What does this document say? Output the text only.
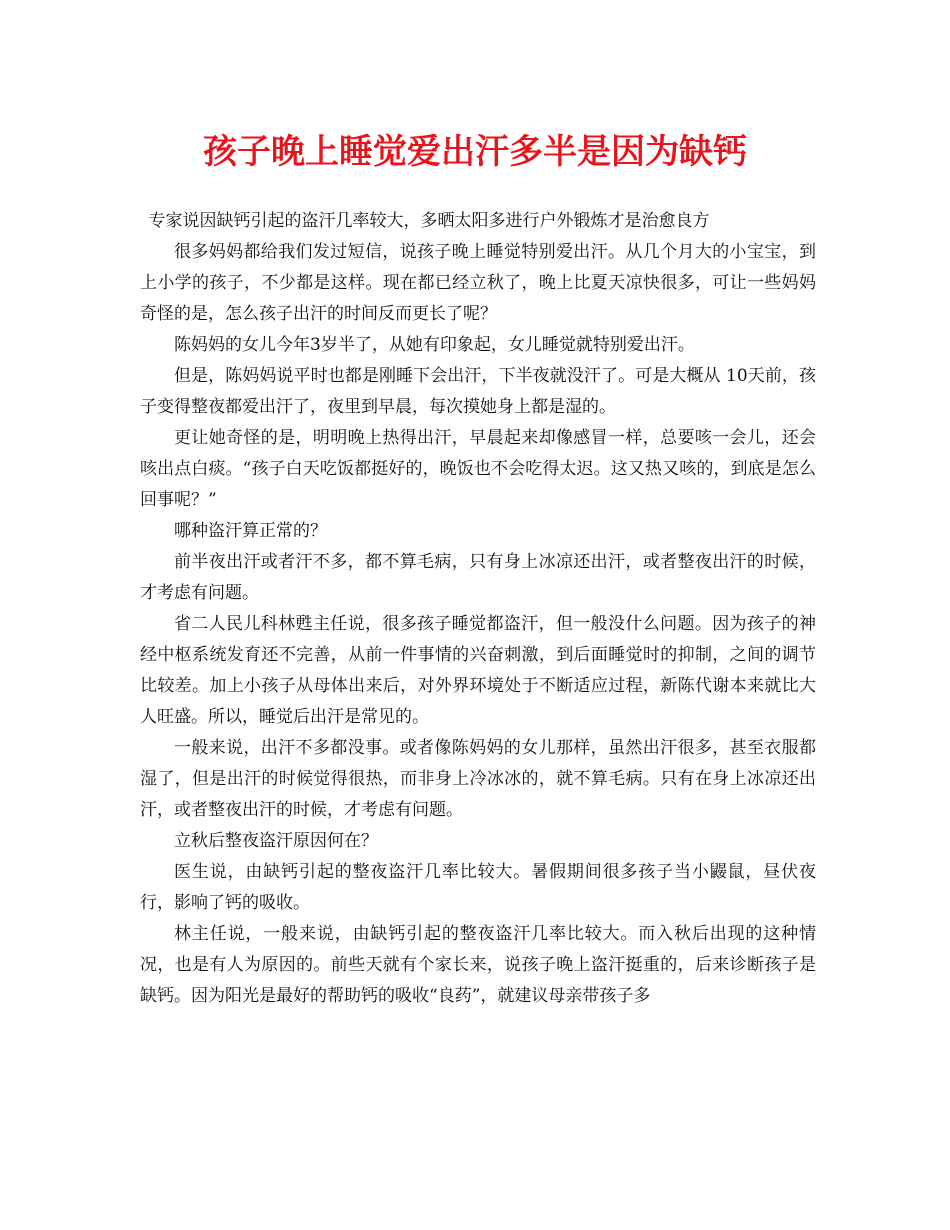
孩子晚上睡觉爱出汗多半是因为缺钙

专家说因缺钙引起的盗汗几率较大，多晒太阳多进行户外锻炼才是治愈良方

很多妈妈都给我们发过短信，说孩子晚上睡觉特别爱出汗。从几个月大的小宝宝，到上小学的孩子，不少都是这样。现在都已经立秋了，晚上比夏天凉快很多，可让一些妈妈奇怪的是，怎么孩子出汗的时间反而更长了呢？

陈妈妈的女儿今年3岁半了，从她有印象起，女儿睡觉就特别爱出汗。

但是，陈妈妈说平时也都是刚睡下会出汗，下半夜就没汗了。可是大概从 10天前，孩子变得整夜都爱出汗了，夜里到早晨，每次摸她身上都是湿的。

更让她奇怪的是，明明晚上热得出汗，早晨起来却像感冒一样，总要咳一会儿，还会咳出点白痰。“孩子白天吃饭都挺好的，晚饭也不会吃得太迟。这又热又咳的，到底是怎么回事呢？”

哪种盗汗算正常的？

前半夜出汗或者汗不多，都不算毛病，只有身上冰凉还出汗，或者整夜出汗的时候，才考虑有问题。

省二人民儿科林甦主任说，很多孩子睡觉都盗汗，但一般没什么问题。因为孩子的神经中枢系统发育还不完善，从前一件事情的兴奋刺激，到后面睡觉时的抑制，之间的调节比较差。加上小孩子从母体出来后，对外界环境处于不断适应过程，新陈代谢本来就比大人旺盛。所以，睡觉后出汗是常见的。

一般来说，出汗不多都没事。或者像陈妈妈的女儿那样，虽然出汗很多，甚至衣服都湿了，但是出汗的时候觉得很热，而非身上冷冰冰的，就不算毛病。只有在身上冰凉还出汗，或者整夜出汗的时候，才考虑有问题。

立秋后整夜盗汗原因何在？

医生说，由缺钙引起的整夜盗汗几率比较大。暑假期间很多孩子当小鼹鼠，昼伏夜行，影响了钙的吸收。

林主任说，一般来说，由缺钙引起的整夜盗汗几率比较大。而入秋后出现的这种情况，也是有人为原因的。前些天就有个家长来，说孩子晚上盗汗挺重的，后来诊断孩子是缺钙。因为阳光是最好的帮助钙的吸收“良药”，就建议母亲带孩子多
